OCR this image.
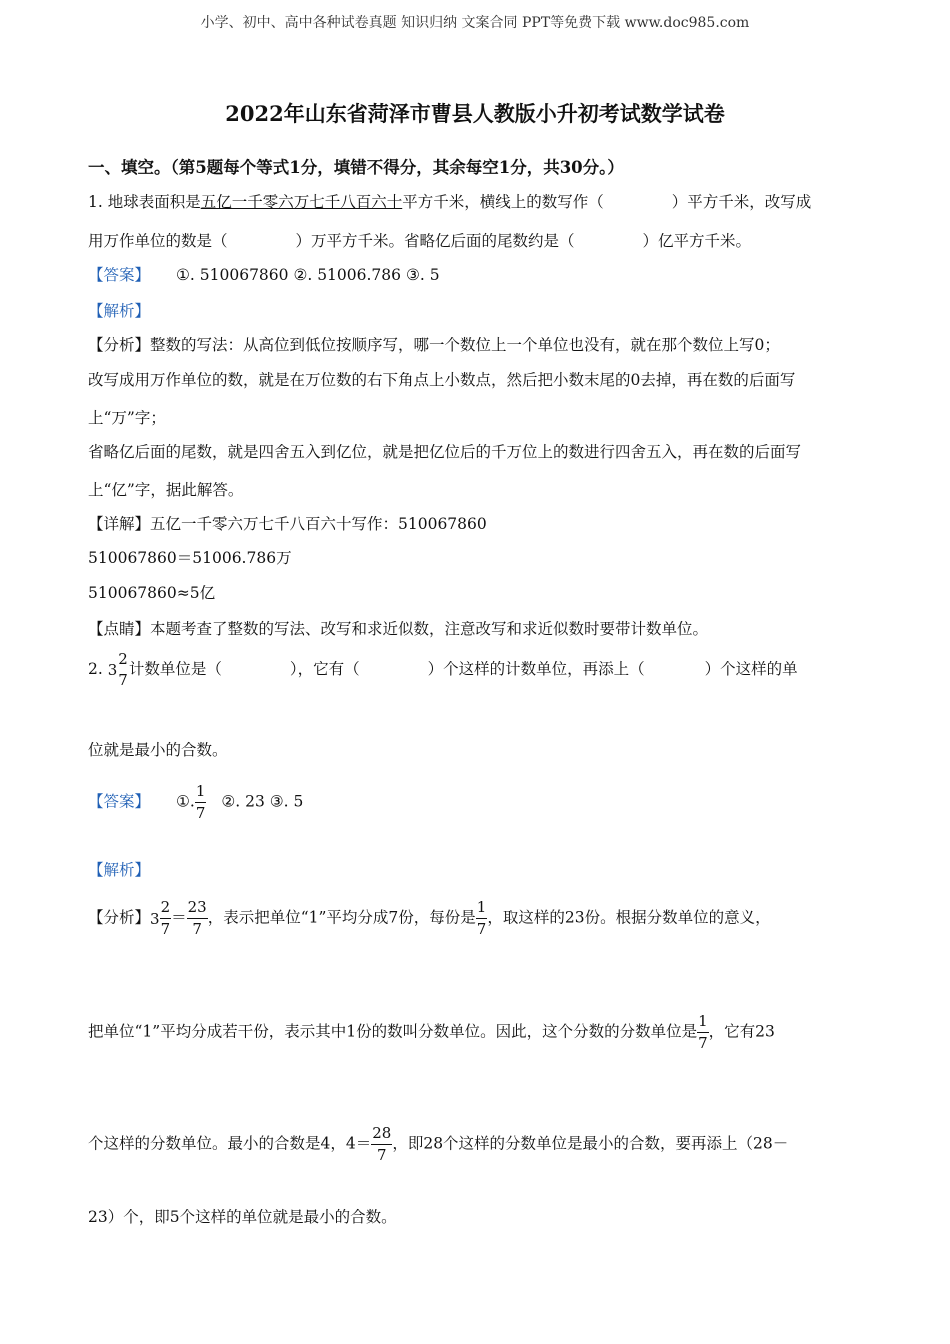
小学、初中、高中各种试卷真题 知识归纳 文案合同 PPT等免费下载 www.doc985.com
2022年山东省菏泽市曹县人教版小升初考试数学试卷
一、填空。（第5题每个等式1分，填错不得分，其余每空1分，共30分。）
1. 地球表面积是五亿一千零六万七千八百六十平方千米，横线上的数写作（	）平方千米，改写成
用万作单位的数是（	）万平方千米。省略亿后面的尾数约是（	）亿平方千米。
【答案】 ①. 510067860 ②. 51006.786 ③. 5
【解析】
【分析】整数的写法：从高位到低位按顺序写，哪一个数位上一个单位也没有，就在那个数位上写0；
改写成用万作单位的数，就是在万位数的右下角点上小数点，然后把小数末尾的0去掉，再在数的后面写
上“万”字；
省略亿后面的尾数，就是四舍五入到亿位，就是把亿位后的千万位上的数进行四舍五入，再在数的后面写
上“亿”字，据此解答。
【详解】五亿一千零六万七千八百六十写作：510067860
510067860＝51006.786万
510067860≈5亿
【点睛】本题考查了整数的写法、改写和求近似数，注意改写和求近似数时要带计数单位。
2. 3
2
7
计数单位是（	），它有（	）个这样的计数单位，再添上（	）个这样的单
位就是最小的合数。
【答案】 ①. $\frac{1}{7}$ ②. 23 ③. 5
【解析】
【分析】$3 \frac{2}{7} = \frac{23}{7}$ ，表示把单位“1”平均分成7份，每份是 $\frac{1}{7}$ ，取这样的23份。根据分数单位的意义，
把单位“1”平均分成若干份，表示其中1份的数叫分数单位。因此，这个分数的分数单位是 $\frac{1}{7}$ ，它有23
个这样的分数单位。最小的合数是4，$4= \frac{28}{7}$ ，即28个这样的分数单位是最小的合数，要再添上（28－
23）个，即5个这样的单位就是最小的合数。
